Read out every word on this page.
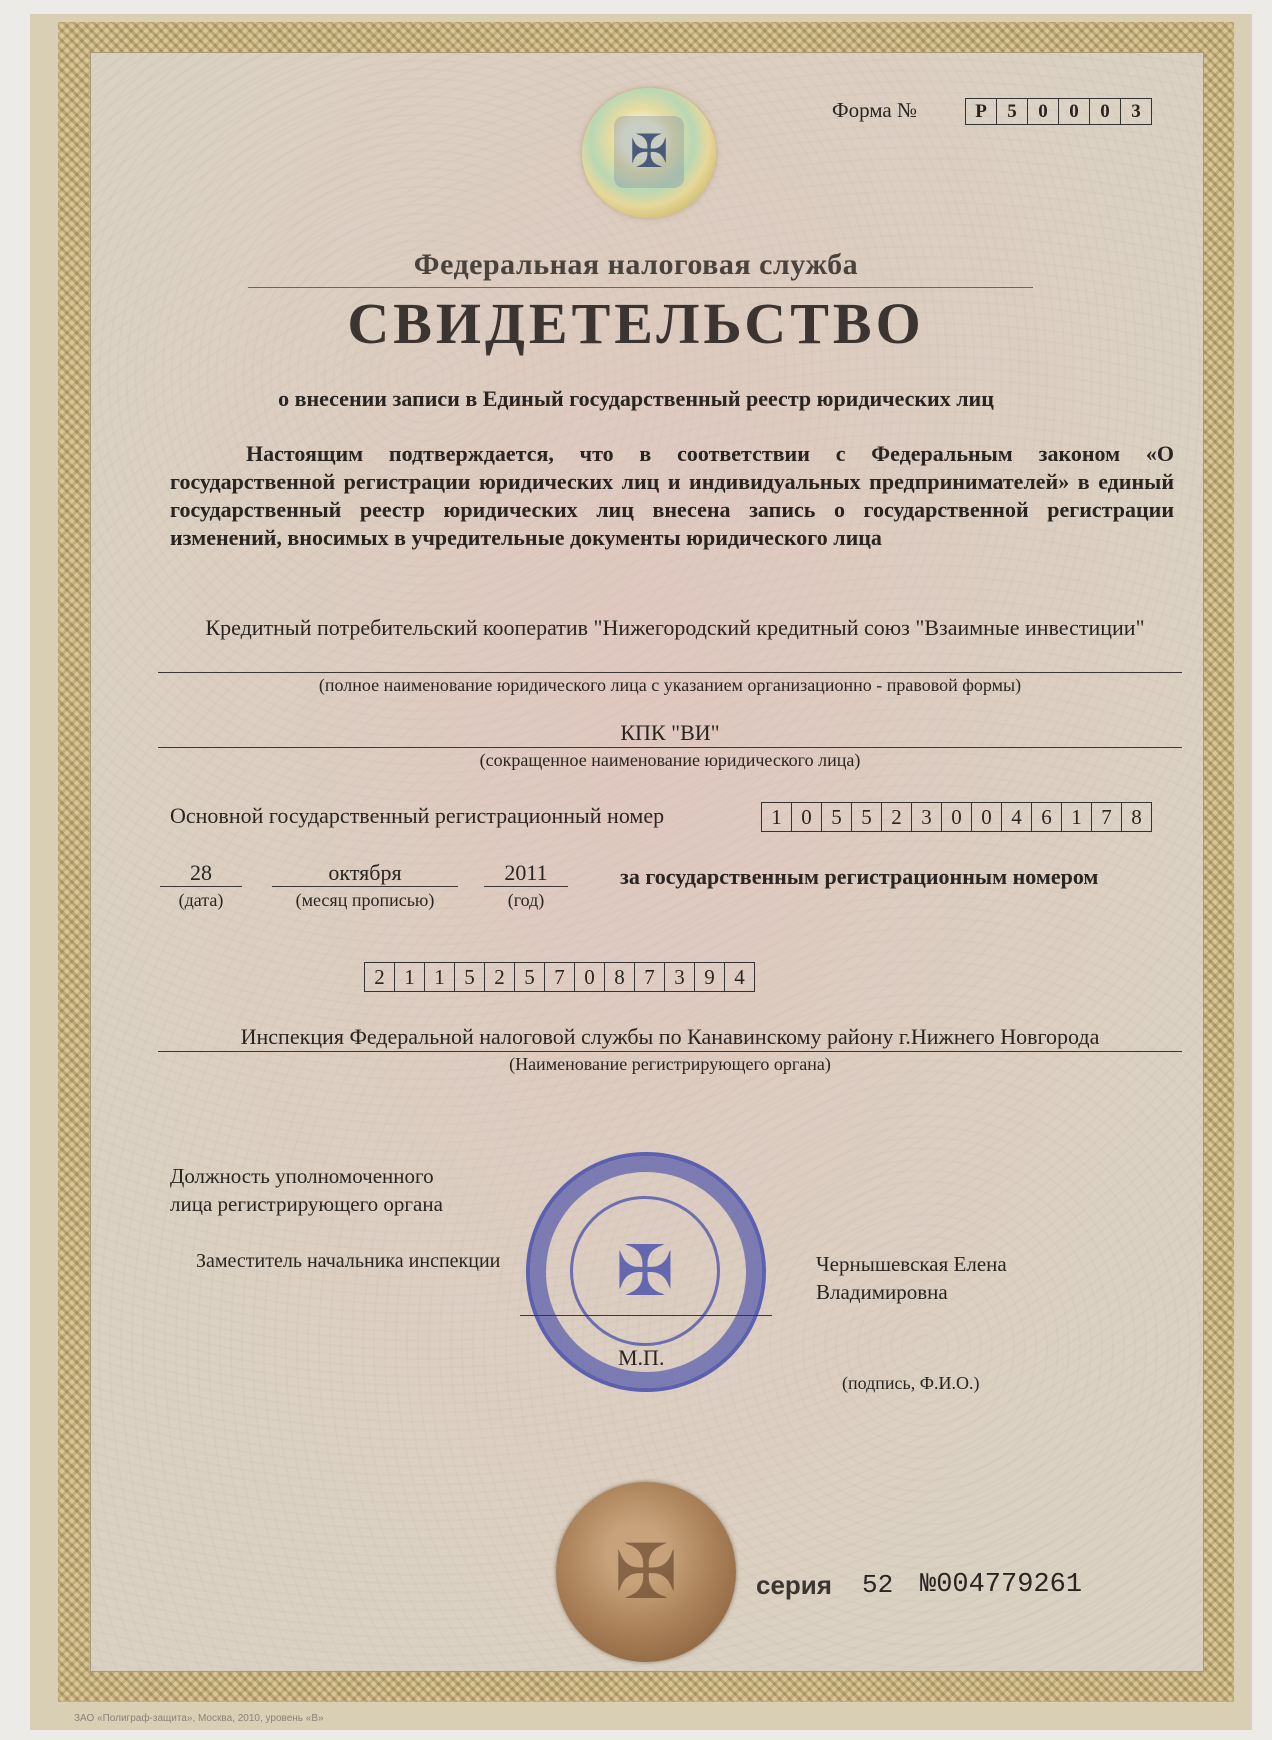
✠
Форма №	Р	5	0	0	0	3
Федеральная налоговая служба
СВИДЕТЕЛЬСТВО
о внесении записи в Единый государственный реестр юридических лиц
Настоящим подтверждается, что в соответствии с Федеральным законом «О государственной регистрации юридических лиц и индивидуальных предпринимателей» в единый государственный реестр юридических лиц внесена запись о государственной регистрации изменений, вносимых в учредительные документы юридического лица
Кредитный потребительский кооператив "Нижегородский кредитный союз "Взаимные инвестиции"
(полное наименование юридического лица с указанием организационно - правовой формы)
КПК "ВИ"
(сокращенное наименование юридического лица)
Основной государственный регистрационный номер	1 0 5 5 2 3 0 0 4 6 1 7 8
28
(дата)
октября
(месяц прописью)
2011
(год)
за государственным регистрационным номером
2 1 1 5 2 5 7 0 8 7 3 9 4
Инспекция Федеральной налоговой службы по Канавинскому району г.Нижнего Новгорода
(Наименование регистрирующего органа)
Должность уполномоченного
лица регистрирующего органа
✠
Заместитель начальника инспекции	Чернышевская Елена
Владимировна
М.П.
(подпись, Ф.И.О.)
✠	серия 52 №004779261
ЗАО «Полиграф-защита», Москва, 2010, уровень «В»
